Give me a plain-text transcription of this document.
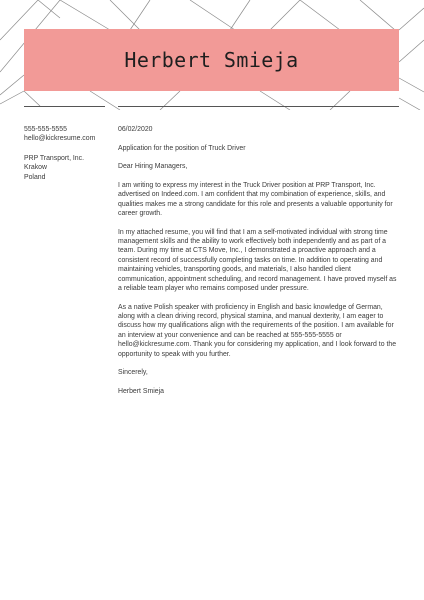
Herbert Smieja
555-555-5555
hello@kickresume.com
PRP Transport, Inc.
Krakow
Poland

06/02/2020

Application for the position of Truck Driver

Dear Hiring Managers,

I am writing to express my interest in the Truck Driver position at PRP Transport, Inc. advertised on Indeed.com. I am confident that my combination of experience, skills, and qualities makes me a strong candidate for this role and presents a valuable opportunity for career growth.

In my attached resume, you will find that I am a self-motivated individual with strong time management skills and the ability to work effectively both independently and as part of a team. During my time at CTS Move, Inc., I demonstrated a proactive approach and a consistent record of successfully completing tasks on time. In addition to operating and maintaining vehicles, transporting goods, and materials, I also handled client communication, appointment scheduling, and record management. I have proved myself as a reliable team player who remains composed under pressure.

As a native Polish speaker with proficiency in English and basic knowledge of German, along with a clean driving record, physical stamina, and manual dexterity, I am eager to discuss how my qualifications align with the requirements of the position. I am available for an interview at your convenience and can be reached at 555-555-5555 or hello@kickresume.com. Thank you for considering my application, and I look forward to the opportunity to speak with you further.

Sincerely,

Herbert Smieja
